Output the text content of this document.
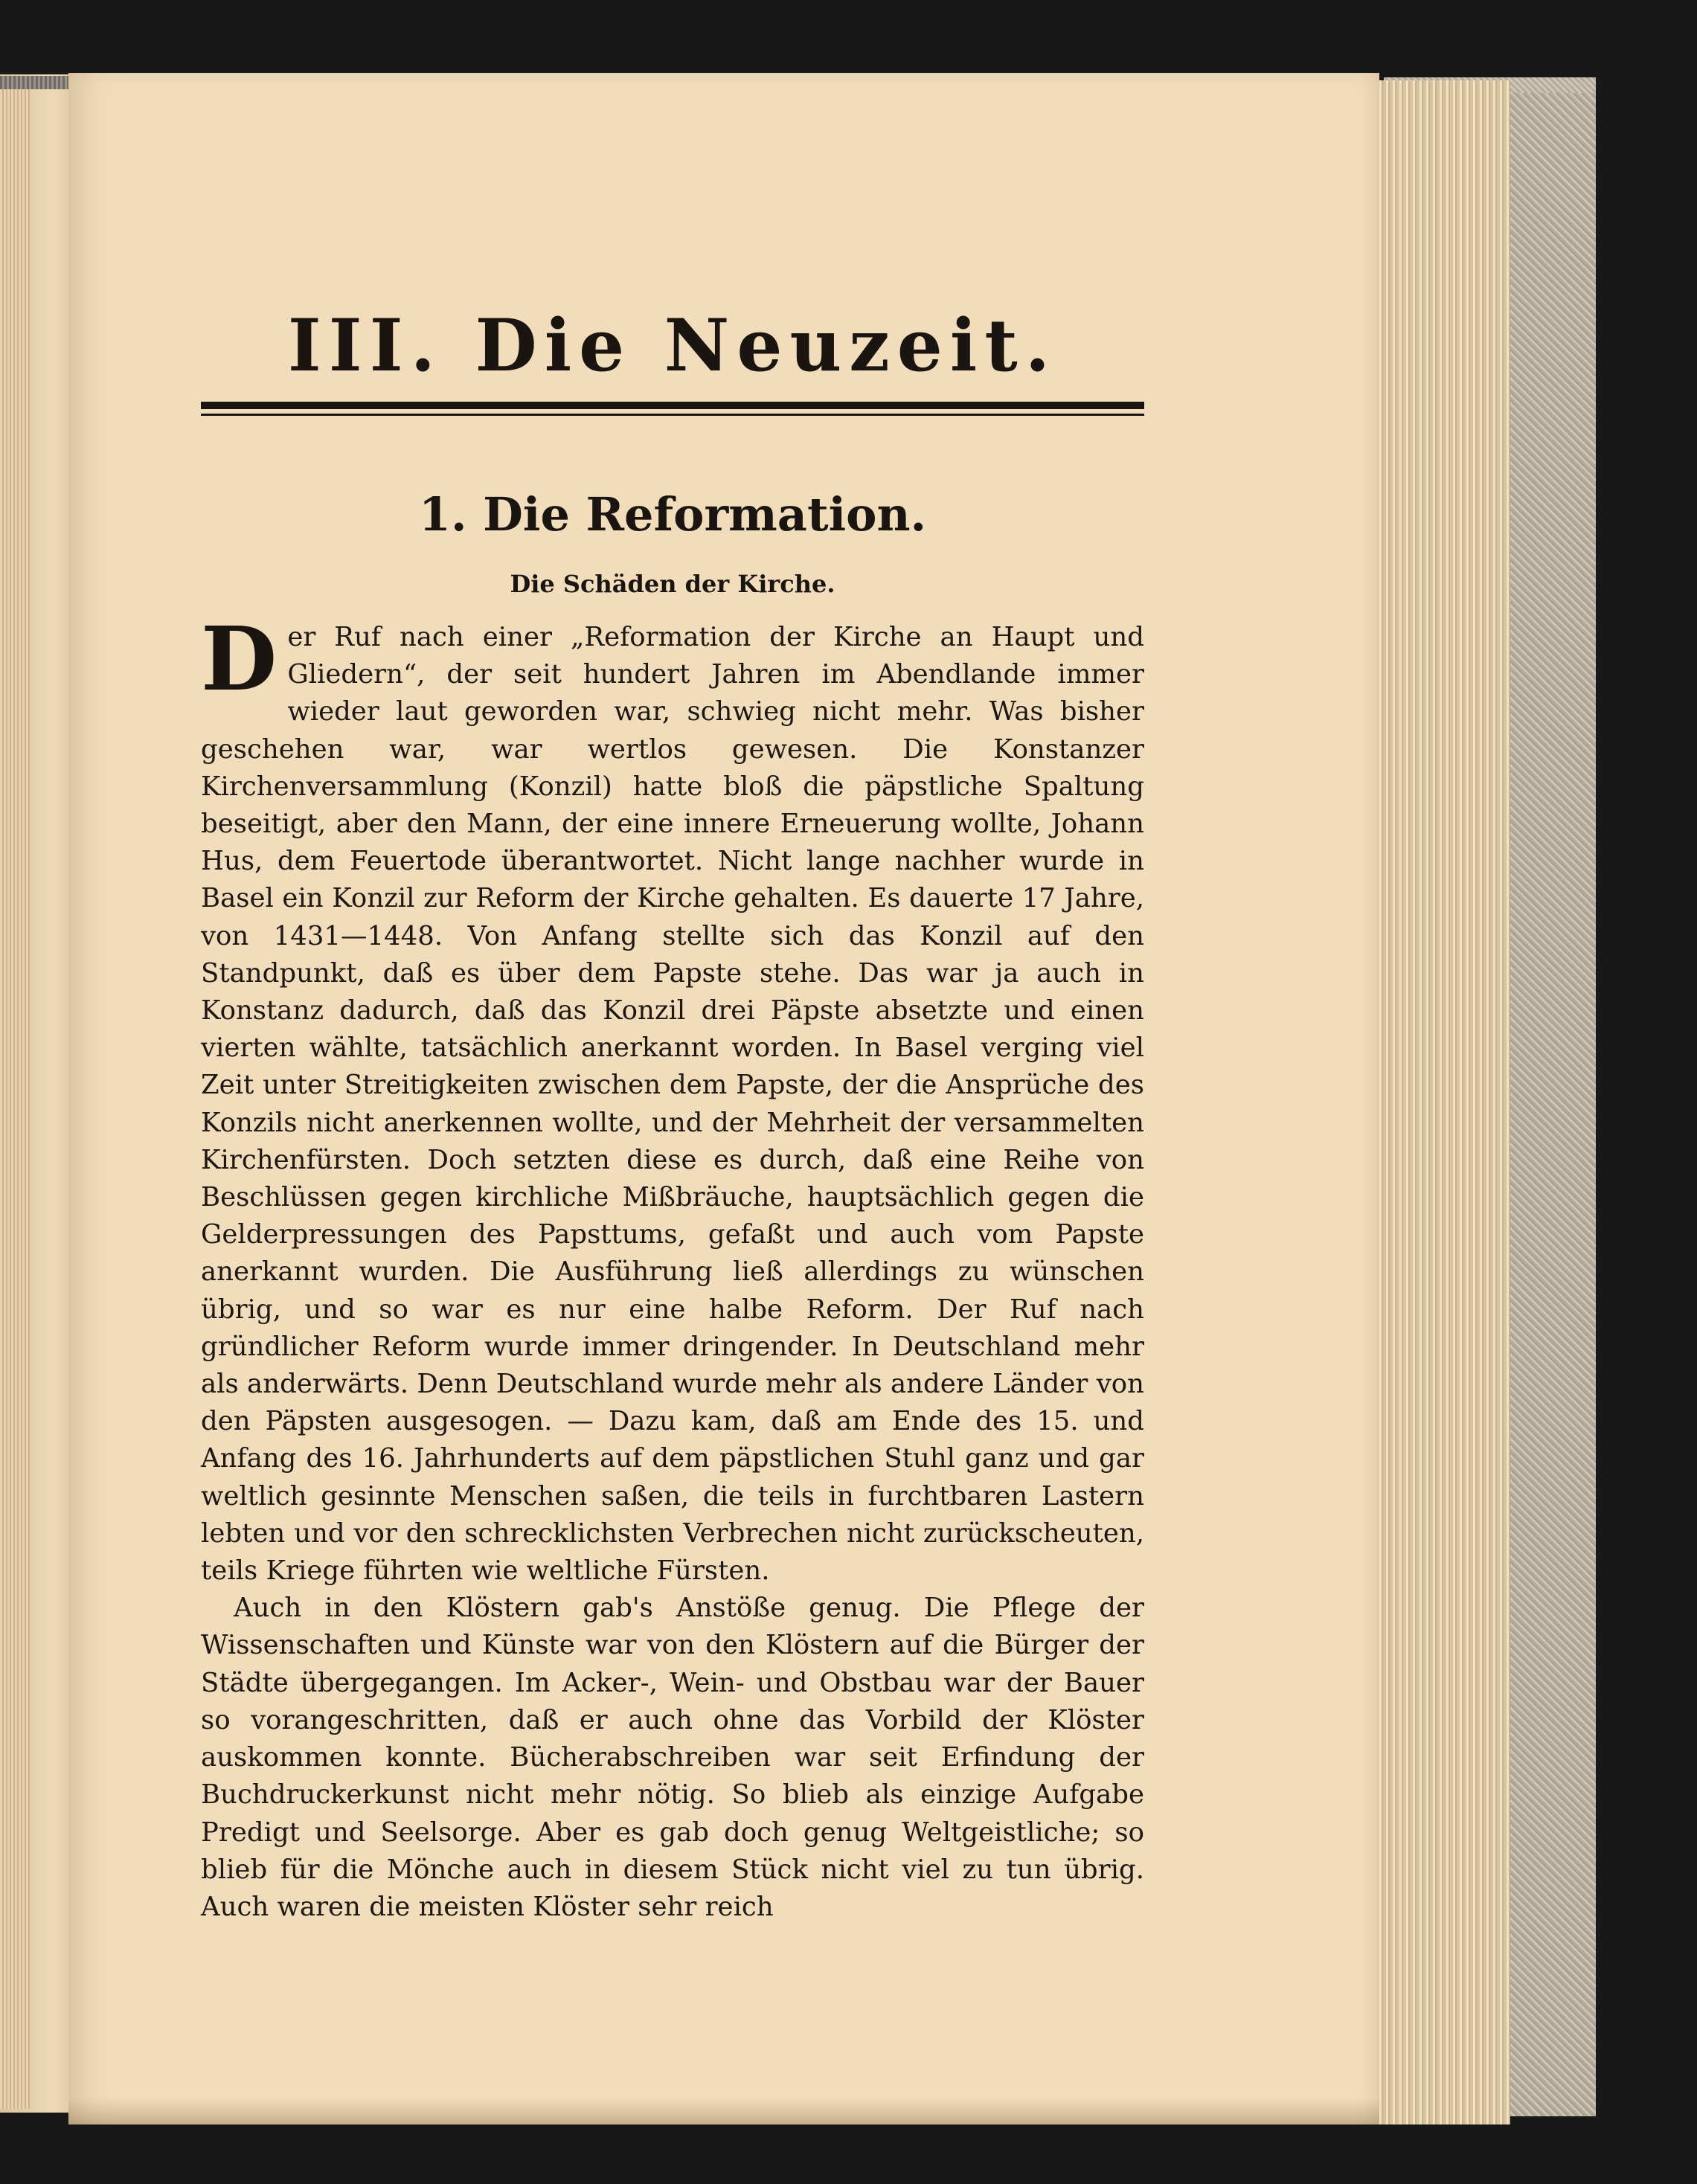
III. Die Neuzeit.
1. Die Reformation.
Die Schäden der Kirche.

Der Ruf nach einer „Reformation der Kirche an Haupt und Gliedern“, der seit hundert Jahren im Abendlande immer wieder laut geworden war, schwieg nicht mehr. Was bisher geschehen war, war wertlos gewesen. Die Konstanzer Kirchenversammlung (Konzil) hatte bloß die päpstliche Spaltung beseitigt, aber den Mann, der eine innere Erneuerung wollte, Johann Hus, dem Feuertode überantwortet. Nicht lange nachher wurde in Basel ein Konzil zur Reform der Kirche gehalten. Es dauerte 17 Jahre, von 1431—1448. Von Anfang stellte sich das Konzil auf den Standpunkt, daß es über dem Papste stehe. Das war ja auch in Konstanz dadurch, daß das Konzil drei Päpste absetzte und einen vierten wählte, tatsächlich anerkannt worden. In Basel verging viel Zeit unter Streitigkeiten zwischen dem Papste, der die Ansprüche des Konzils nicht anerkennen wollte, und der Mehrheit der versammelten Kirchenfürsten. Doch setzten diese es durch, daß eine Reihe von Beschlüssen gegen kirchliche Mißbräuche, hauptsächlich gegen die Gelderpressungen des Papsttums, gefaßt und auch vom Papste anerkannt wurden. Die Ausführung ließ allerdings zu wünschen übrig, und so war es nur eine halbe Reform. Der Ruf nach gründlicher Reform wurde immer dringender. In Deutschland mehr als anderwärts. Denn Deutschland wurde mehr als andere Länder von den Päpsten ausgesogen. — Dazu kam, daß am Ende des 15. und Anfang des 16. Jahrhunderts auf dem päpstlichen Stuhl ganz und gar weltlich gesinnte Menschen saßen, die teils in furchtbaren Lastern lebten und vor den schrecklichsten Verbrechen nicht zurückscheuten, teils Kriege führten wie weltliche Fürsten.

Auch in den Klöstern gab's Anstöße genug. Die Pflege der Wissenschaften und Künste war von den Klöstern auf die Bürger der Städte übergegangen. Im Acker-, Wein- und Obstbau war der Bauer so vorangeschritten, daß er auch ohne das Vorbild der Klöster auskommen konnte. Bücherabschreiben war seit Erfindung der Buchdruckerkunst nicht mehr nötig. So blieb als einzige Aufgabe Predigt und Seelsorge. Aber es gab doch genug Weltgeistliche; so blieb für die Mönche auch in diesem Stück nicht viel zu tun übrig. Auch waren die meisten Klöster sehr reich
